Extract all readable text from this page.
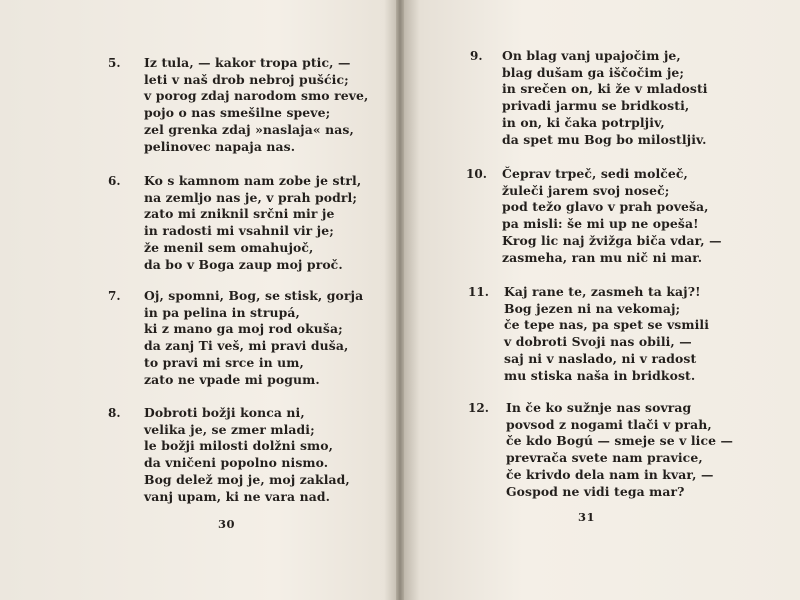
5. Iz tula, — kakor tropa ptic, —
leti v naš drob nebroj pušćic;
v porog zdaj narodom smo reve,
pojo o nas smešilne speve;
zel grenka zdaj »naslaja« nas,
pelinovec napaja nas.
6. Ko s kamnom nam zobe je strl,
na zemljo nas je, v prah podrl;
zato mi zniknil srčni mir je
in radosti mi vsahnil vir je;
že menil sem omahujoč,
da bo v Boga zaup moj proč.
7. Oj, spomni, Bog, se stisk, gorja
in pa pelina in strupá,
ki z mano ga moj rod okuša;
da zanj Ti veš, mi pravi duša,
to pravi mi srce in um,
zato ne vpade mi pogum.
8. Dobroti božji konca ni,
velika je, se zmer mladi;
le božji milosti dolžni smo,
da vničeni popolno nismo.
Bog delež moj je, moj zaklad,
vanj upam, ki ne vara nad.
30
9. On blag vanj upajočim je,
blag dušam ga iščočim je;
in srečen on, ki že v mladosti
privadi jarmu se bridkosti,
in on, ki čaka potrpljiv,
da spet mu Bog bo milostljiv.
10. Čeprav trpeč, sedi molčeč,
žuleči jarem svoj noseč;
pod težo glavo v prah poveša,
pa misli: še mi up ne opeša!
Krog lic naj žvižga biča vdar, —
zasmeha, ran mu nič ni mar.
11. Kaj rane te, zasmeh ta kaj?!
Bog jezen ni na vekomaj;
če tepe nas, pa spet se vsmili
v dobroti Svoji nas obili, —
saj ni v naslado, ni v radost
mu stiska naša in bridkost.
12. In če ko sužnje nas sovrag
povsod z nogami tlači v prah,
če kdo Bogú — smeje se v lice —
prevrača svete nam pravice,
če krivdo dela nam in kvar, —
Gospod ne vidi tega mar?
31
